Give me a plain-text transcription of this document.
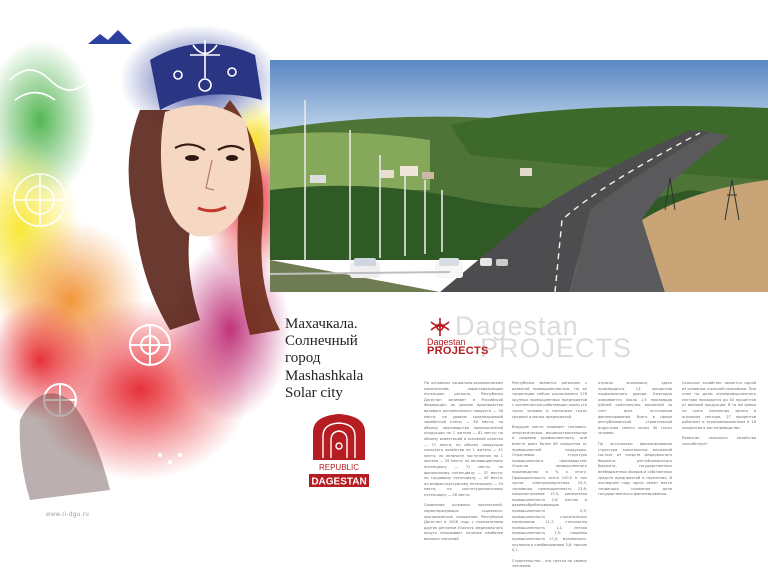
Махачкала.
Солнечный
город
Mashashkala
Solar city
REPUBLIC
DAGESTAN
www.ri-dgu.ru
Dagestan
PROJECTS
Dagestan
PROJECTS

По основным социально-экономическим показателям, характеризующим потенциал региона, Республика Дагестан занимает в Российской Федерации: по уровню производства валового регионального продукта — 38 место; по уровню среднедушевой заработной платы — 80 место; по объему производства промышленной продукции на 1 жителя — 81 место; по объему инвестиций в основной капитал — 71 место; по объему продукции сельского хозяйства на 1 жителя — 41 место; по величине поступления на 1 жителя — 59 место; по инновационному потенциалу — 71 место; по финансовому потенциалу — 37 место; по трудовому потенциалу — 20 место; по инфраструктурному потенциалу — 34 место; по институциональному потенциалу — 26 место.

Сравнение основных показателей, характеризующих социально-экономическое положение Республики Дагестан в 2008 году с показателями других регионов Южного федерального округа показывает наличие наиболее высоких значений

Республика является регионом с развитой промышленностью. На ее территории сейчас расположено 278 крупных промышленных предприятий с численностью работающих около ста тысяч человек и несколько тысяч средних и малых предприятий.

Ведущее место занимает топливно-энергетическая, машиностроительная и пищевая промышленность, они вместе дают более 80 процентов от промышленной продукции. Отраслевая структура промышленного производства: Отрасли промышленного производства в % к итогу. Промышленность всего 100,0 в том числе: электроэнергетика 20,5; топливная промышленность 13,6; машиностроение 15,5; химическая промышленность 2,6; лесная и деревообрабатывающая промышленность 0,5; промышленность строительных материалов 11,7; стекольная промышленность 1,1; легкая промышленность 1,5; пищевая промышленность 27,0; мукомольно-крупяная и комбикормовая 3,8; прочие 0,1.

Строительство - это третья по своему значению

отрасль экономики, здесь производится 13 процентов национального дохода. Ежегодно осваивается около 1,5 миллиарда рублей капитальных вложений за счет всех источников финансирования. Всего в сфере республиканской строительной индустрии занято около 40 тысяч человек.

По источникам финансирования структура капитальных вложений состоит из средств федерального бюджета, республиканского бюджета, государственных внебюджетных фондов и собственных средств предприятий и населения. В последнем году здесь имеет место тенденция снижения доли государственного финансирования.

Сельское хозяйство является одной из основных отраслей экономики. При этом на долю агропромышленного сектора приходится до 40 процентов от валовой продукции. В то же время на треть населения занято в аграрном секторе, 27 процентов работают в агропромышленном и 16 процентов в растениеводстве.

Развитие сельского хозяйства способствует
